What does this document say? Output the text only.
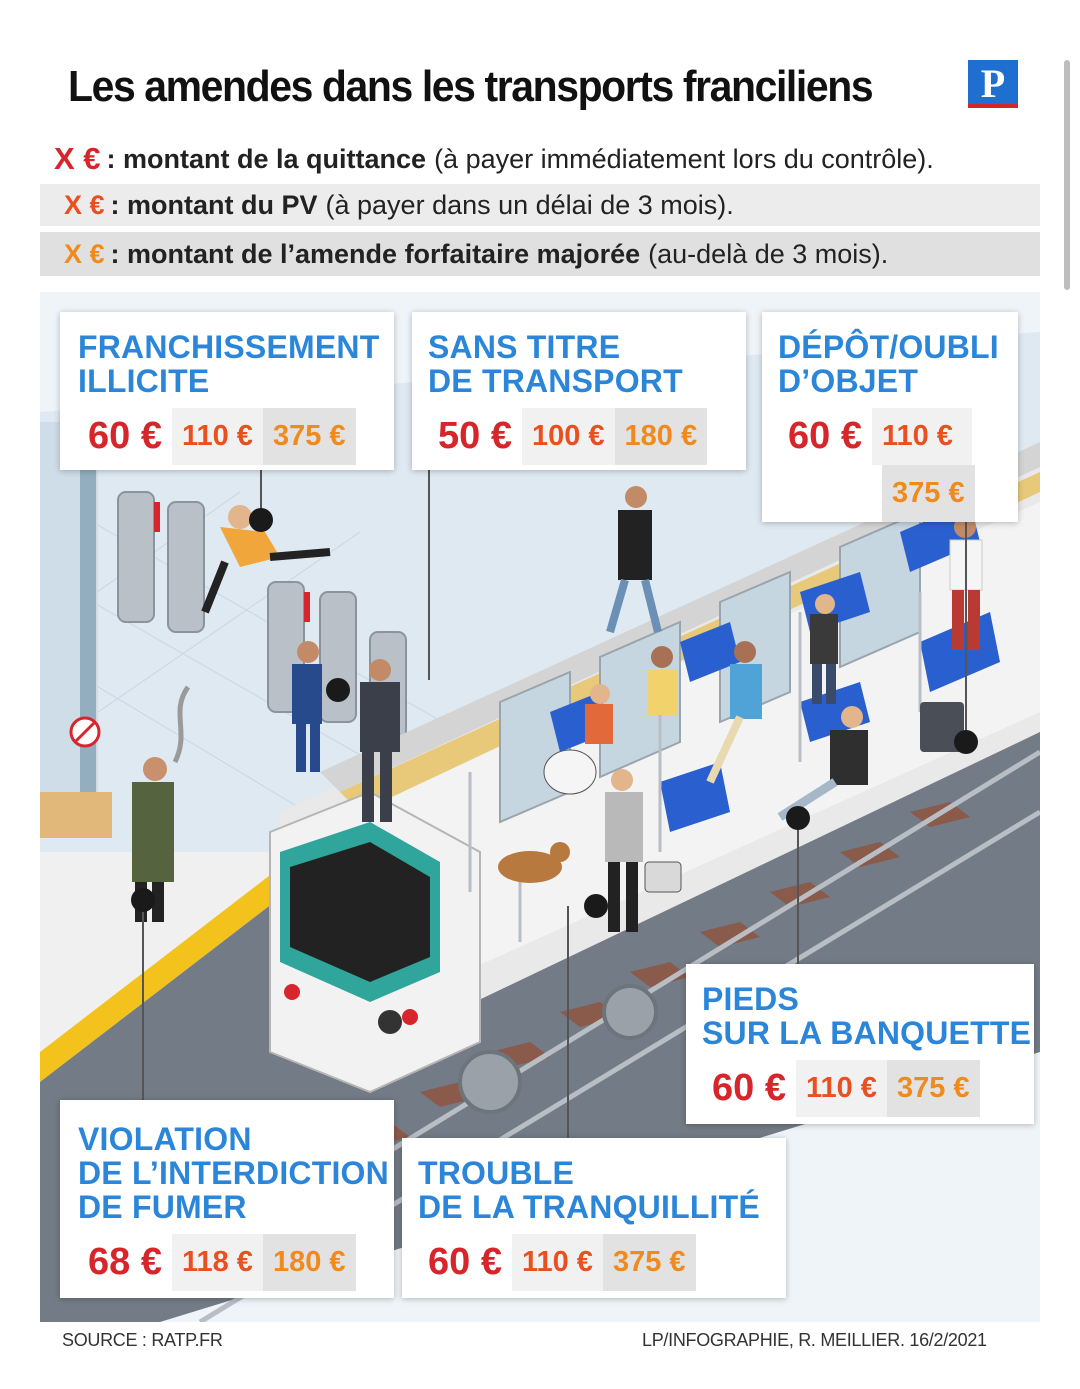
Les amendes dans les transports franciliens	P
X € : montant de la quittance (à payer immédiatement lors du contrôle).
X € : montant du PV (à payer dans un délai de 3 mois).
X € : montant de l’amende forfaitaire majorée (au-delà de 3 mois).
FRANCHISSEMENT
ILLICITE
60 € 110 € 375 €
SANS TITRE
DE TRANSPORT
50 € 100 € 180 €
DÉPÔT/OUBLI
D’OBJET
60 € 110 €
375 €
PIEDS
SUR LA BANQUETTE
60 € 110 € 375 €
VIOLATION
DE L’INTERDICTION
DE FUMER
68 € 118 € 180 €
TROUBLE
DE LA TRANQUILLITÉ
60 € 110 € 375 €
SOURCE : RATP.FR	LP/INFOGRAPHIE, R. MEILLIER. 16/2/2021
